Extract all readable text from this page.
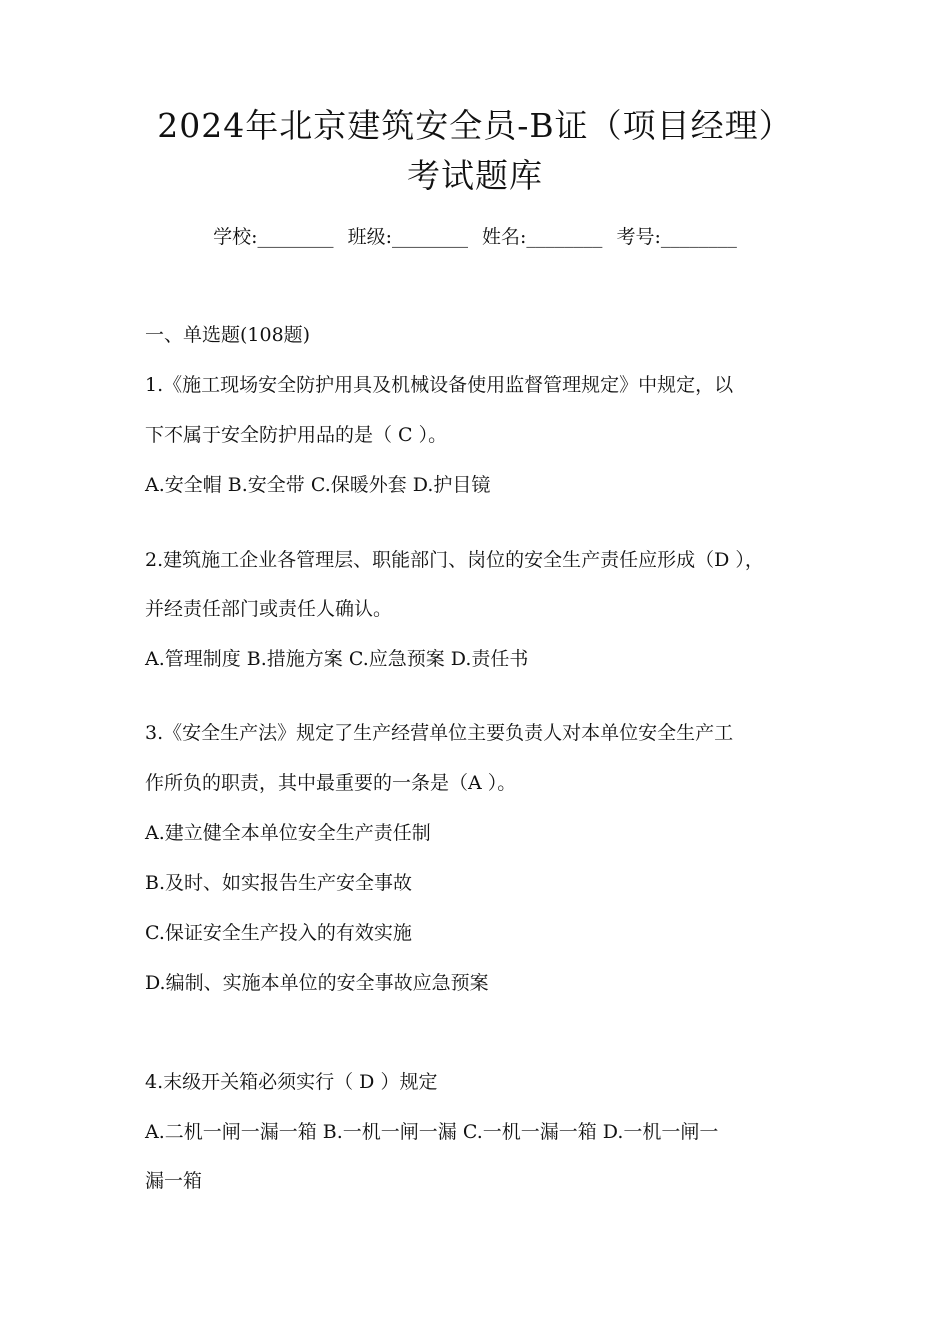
2024年北京建筑安全员-B证（项目经理）
考试题库
学校:________ 班级:________ 姓名:________ 考号:________
一、单选题(108题)
1.《施工现场安全防护用具及机械设备使用监督管理规定》中规定，以
下不属于安全防护用品的是（ C ）。
A.安全帽 B.安全带 C.保暖外套 D.护目镜
2.建筑施工企业各管理层、职能部门、岗位的安全生产责任应形成（D ），
并经责任部门或责任人确认。
A.管理制度 B.措施方案 C.应急预案 D.责任书
3.《安全生产法》规定了生产经营单位主要负责人对本单位安全生产工
作所负的职责，其中最重要的一条是（A ）。
A.建立健全本单位安全生产责任制
B.及时、如实报告生产安全事故
C.保证安全生产投入的有效实施
D.编制、实施本单位的安全事故应急预案
4.末级开关箱必须实行（ D ）规定
A.二机一闸一漏一箱 B.一机一闸一漏 C.一机一漏一箱 D.一机一闸一
漏一箱
